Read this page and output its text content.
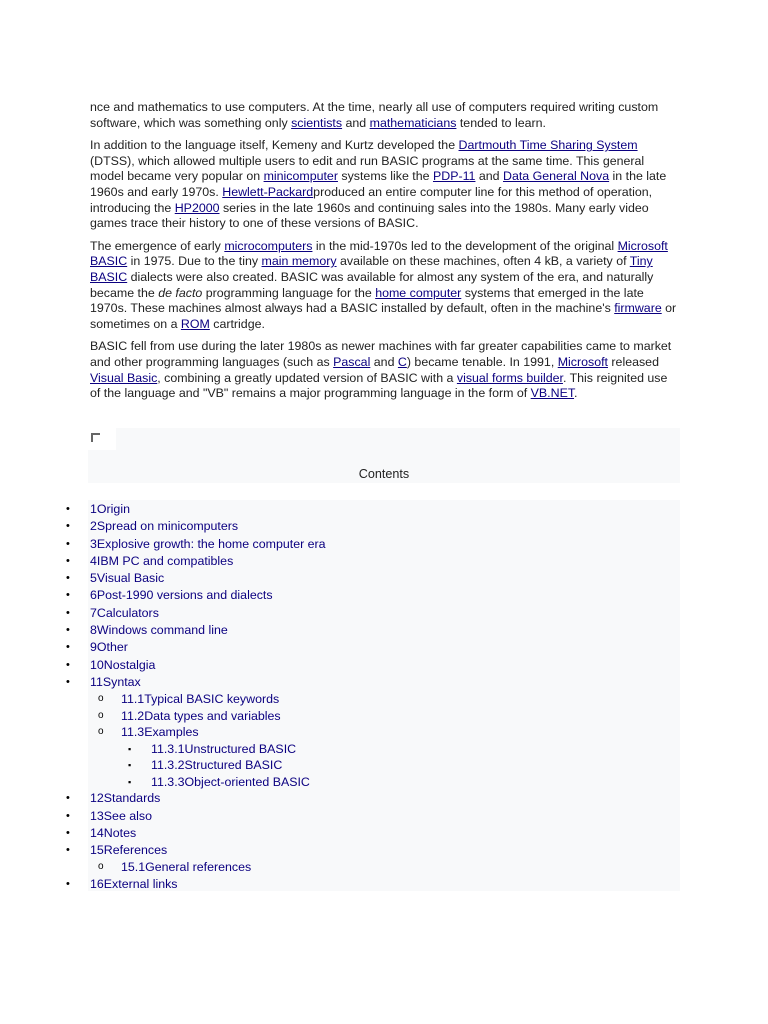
nce and mathematics to use computers. At the time, nearly all use of computers required writing custom software, which was something only scientists and mathematicians tended to learn.

In addition to the language itself, Kemeny and Kurtz developed the Dartmouth Time Sharing System (DTSS), which allowed multiple users to edit and run BASIC programs at the same time. This general model became very popular on minicomputer systems like the PDP-11 and Data General Nova in the late 1960s and early 1970s. Hewlett-Packardproduced an entire computer line for this method of operation, introducing the HP2000 series in the late 1960s and continuing sales into the 1980s. Many early video games trace their history to one of these versions of BASIC.

The emergence of early microcomputers in the mid-1970s led to the development of the original Microsoft BASIC in 1975. Due to the tiny main memory available on these machines, often 4 kB, a variety of Tiny BASIC dialects were also created. BASIC was available for almost any system of the era, and naturally became the de facto programming language for the home computer systems that emerged in the late 1970s. These machines almost always had a BASIC installed by default, often in the machine's firmware or sometimes on a ROM cartridge.

BASIC fell from use during the later 1980s as newer machines with far greater capabilities came to market and other programming languages (such as Pascal and C) became tenable. In 1991, Microsoft released Visual Basic, combining a greatly updated version of BASIC with a visual forms builder. This reignited use of the language and "VB" remains a major programming language in the form of VB.NET.

Contents
• 1Origin
• 2Spread on minicomputers
• 3Explosive growth: the home computer era
• 4IBM PC and compatibles
• 5Visual Basic
• 6Post-1990 versions and dialects
• 7Calculators
• 8Windows command line
• 9Other
• 10Nostalgia
• 11Syntax
o 11.1Typical BASIC keywords
o 11.2Data types and variables
o 11.3Examples
▪ 11.3.1Unstructured BASIC
▪ 11.3.2Structured BASIC
▪ 11.3.3Object-oriented BASIC
• 12Standards
• 13See also
• 14Notes
• 15References
o 15.1General references
• 16External links
